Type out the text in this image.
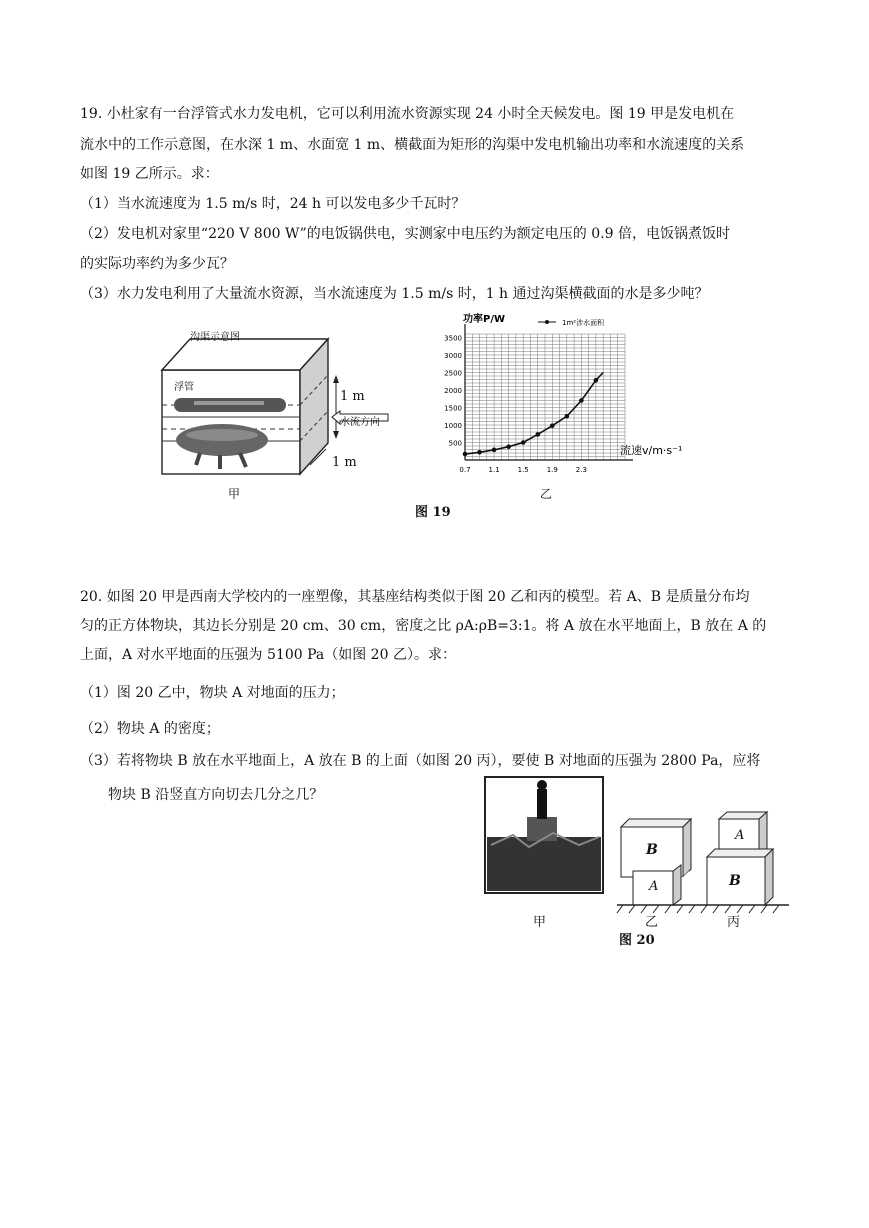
19. 小杜家有一台浮管式水力发电机，它可以利用流水资源实现 24 小时全天候发电。图 19 甲是发电机在
流水中的工作示意图，在水深 1 m、水面宽 1 m、横截面为矩形的沟渠中发电机输出功率和水流速度的关系
如图 19 乙所示。求：
（1）当水流速度为 1.5 m/s 时，24 h 可以发电多少千瓦时？
（2）发电机对家里“220 V 800 W”的电饭锅供电，实测家中电压约为额定电压的 0.9 倍，电饭锅煮饭时
的实际功率约为多少瓦？
（3）水力发电利用了大量流水资源，当水流速度为 1.5 m/s 时，1 h 通过沟渠横截面的水是多少吨？
沟渠示意图
浮管
1 m
水流方向
1 m
甲
0.7	1.1	1.5	1.9	2.3
500
1000
1500
2000
2500
3000
3500
功率P/W
流速v/m·s⁻¹
1m²涉水面积
乙
图 19
20. 如图 20 甲是西南大学校内的一座塑像，其基座结构类似于图 20 乙和丙的模型。若 A、B 是质量分布均
匀的正方体物块，其边长分别是 20 cm、30 cm，密度之比 ρA:ρB=3:1。将 A 放在水平地面上，B 放在 A 的
上面，A 对水平地面的压强为 5100 Pa（如图 20 乙）。求：
（1）图 20 乙中，物块 A 对地面的压力；
（2）物块 A 的密度；
（3）若将物块 B 放在水平地面上，A 放在 B 的上面（如图 20 丙），要使 B 对地面的压强为 2800 Pa，应将
物块 B 沿竖直方向切去几分之几？
B
A
A
B
甲	乙	丙
图 20
